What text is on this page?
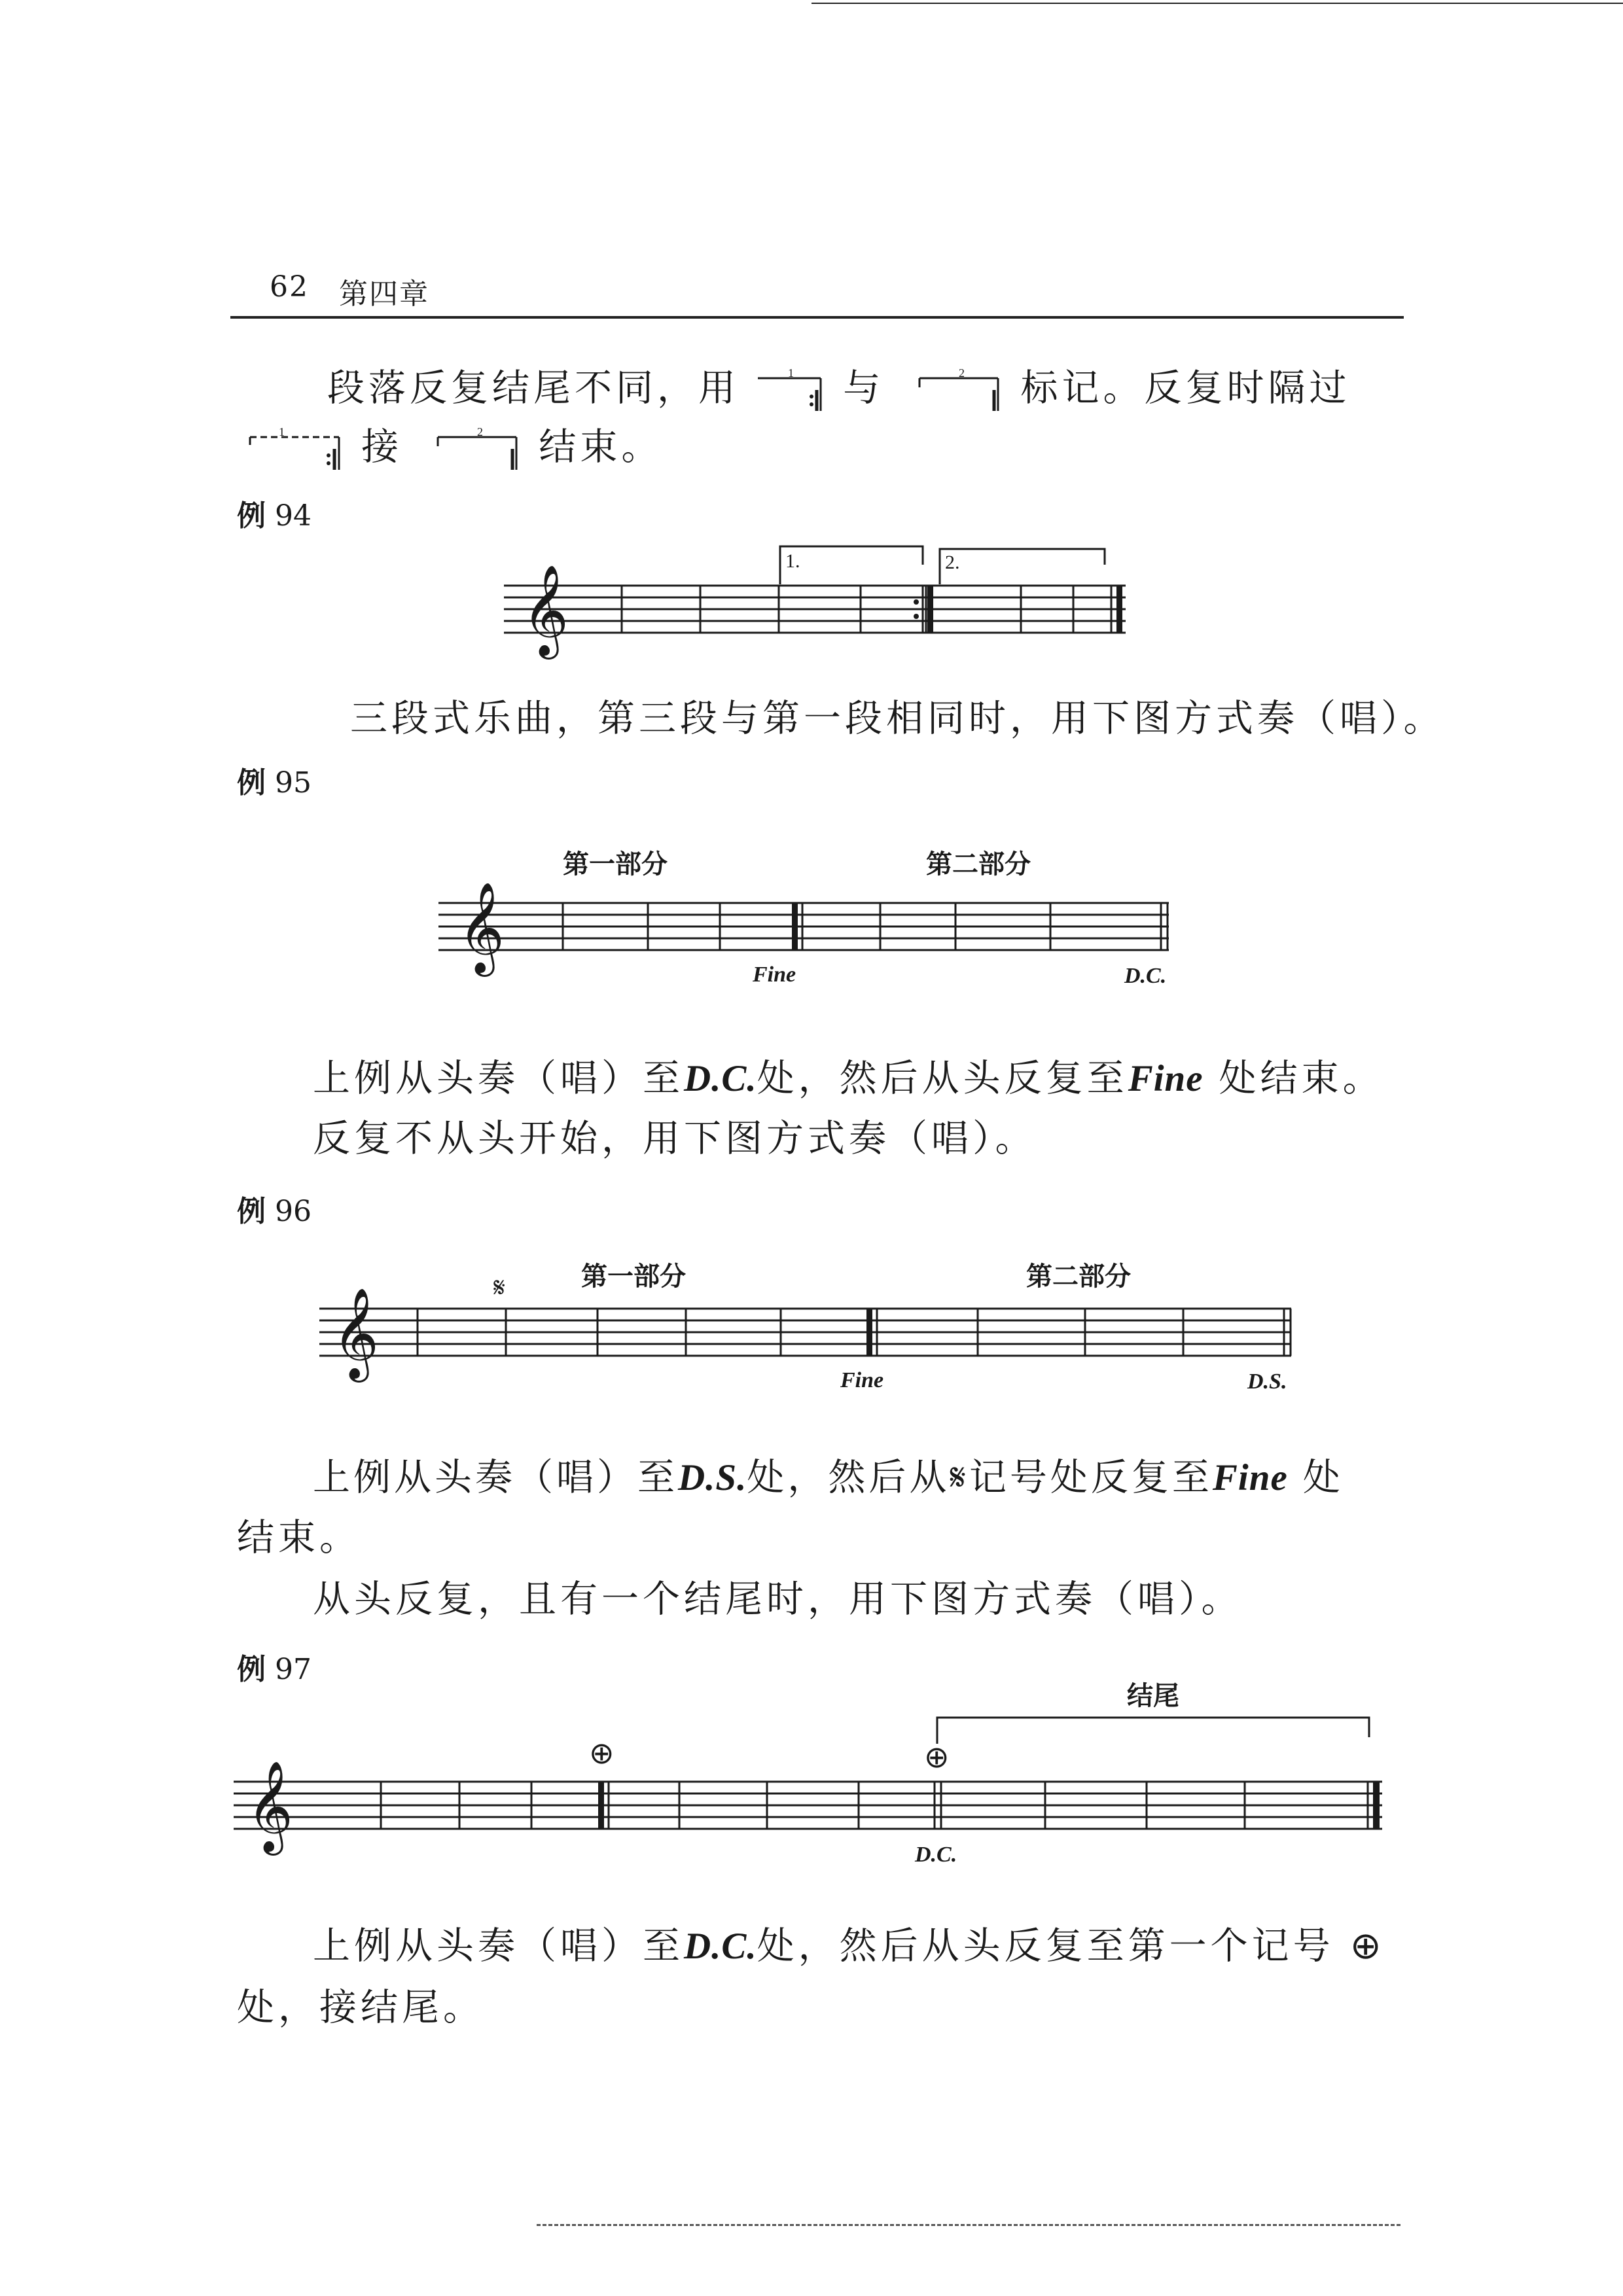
62 第四章
段落反复结尾不同，用	1 与	2 标记。反复时隔过
1 接	2 结束。
例 94
𝄞
1.	2.
三段式乐曲，第三段与第一段相同时，用下图方式奏（唱）。
例 95
第一部分	第二部分
𝄞
Fine	D.C.
上例从头奏（唱）至D.C.处，然后从头反复至Fine 处结束。
反复不从头开始，用下图方式奏（唱）。
例 96
𝄋	第一部分	第二部分
𝄞
Fine	D.S.
上例从头奏（唱）至D.S.处，然后从𝄋记号处反复至Fine 处
结束。
从头反复，且有一个结尾时，用下图方式奏（唱）。
例 97
结尾
⊕	⊕
𝄞
D.C.
上例从头奏（唱）至D.C.处，然后从头反复至第一个记号 ⊕
处，接结尾。
